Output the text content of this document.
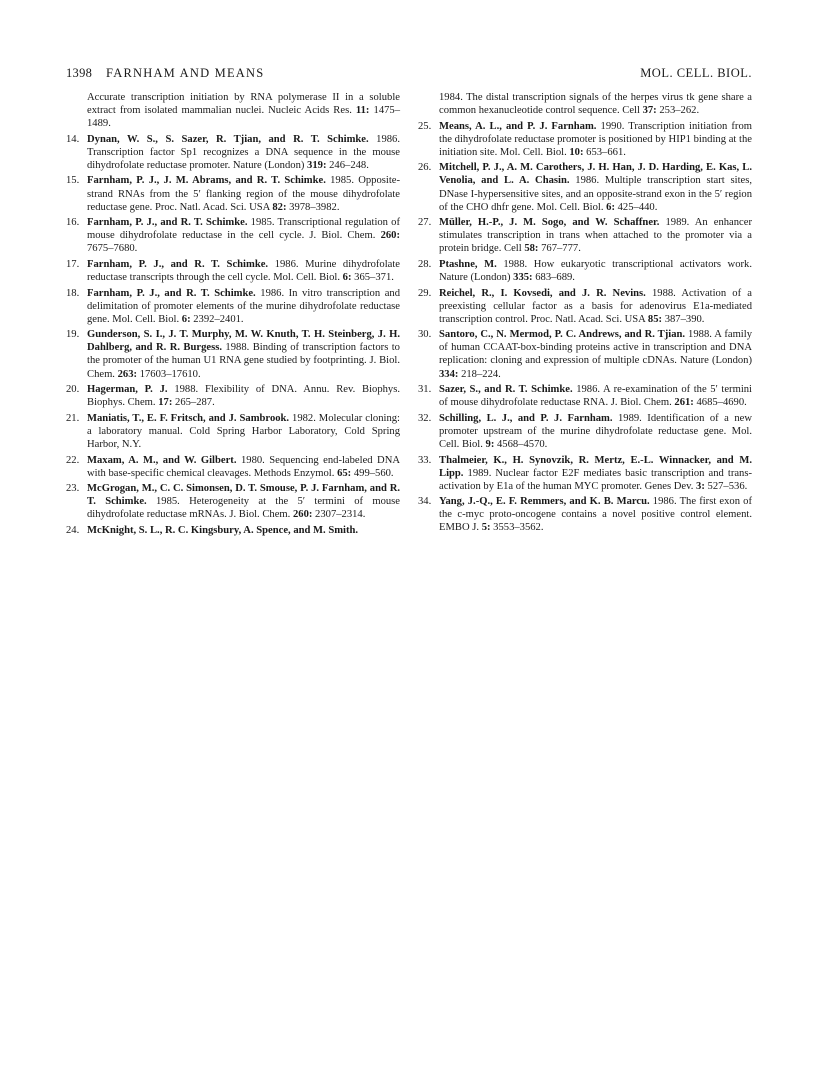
1398 FARNHAM AND MEANS	MOL. CELL. BIOL.

Accurate transcription initiation by RNA polymerase II in a soluble extract from isolated mammalian nuclei. Nucleic Acids Res. 11: 1475–1489.

14. Dynan, W. S., S. Sazer, R. Tjian, and R. T. Schimke. 1986. Transcription factor Sp1 recognizes a DNA sequence in the mouse dihydrofolate reductase promoter. Nature (London) 319: 246–248.

15. Farnham, P. J., J. M. Abrams, and R. T. Schimke. 1985. Opposite-strand RNAs from the 5′ flanking region of the mouse dihydrofolate reductase gene. Proc. Natl. Acad. Sci. USA 82: 3978–3982.

16. Farnham, P. J., and R. T. Schimke. 1985. Transcriptional regulation of mouse dihydrofolate reductase in the cell cycle. J. Biol. Chem. 260: 7675–7680.

17. Farnham, P. J., and R. T. Schimke. 1986. Murine dihydrofolate reductase transcripts through the cell cycle. Mol. Cell. Biol. 6: 365–371.

18. Farnham, P. J., and R. T. Schimke. 1986. In vitro transcription and delimitation of promoter elements of the murine dihydrofolate reductase gene. Mol. Cell. Biol. 6: 2392–2401.

19. Gunderson, S. I., J. T. Murphy, M. W. Knuth, T. H. Steinberg, J. H. Dahlberg, and R. R. Burgess. 1988. Binding of transcription factors to the promoter of the human U1 RNA gene studied by footprinting. J. Biol. Chem. 263: 17603–17610.

20. Hagerman, P. J. 1988. Flexibility of DNA. Annu. Rev. Biophys. Biophys. Chem. 17: 265–287.

21. Maniatis, T., E. F. Fritsch, and J. Sambrook. 1982. Molecular cloning: a laboratory manual. Cold Spring Harbor Laboratory, Cold Spring Harbor, N.Y.

22. Maxam, A. M., and W. Gilbert. 1980. Sequencing end-labeled DNA with base-specific chemical cleavages. Methods Enzymol. 65: 499–560.

23. McGrogan, M., C. C. Simonsen, D. T. Smouse, P. J. Farnham, and R. T. Schimke. 1985. Heterogeneity at the 5′ termini of mouse dihydrofolate reductase mRNAs. J. Biol. Chem. 260: 2307–2314.

24. McKnight, S. L., R. C. Kingsbury, A. Spence, and M. Smith.

1984. The distal transcription signals of the herpes virus tk gene share a common hexanucleotide control sequence. Cell 37: 253–262.

25. Means, A. L., and P. J. Farnham. 1990. Transcription initiation from the dihydrofolate reductase promoter is positioned by HIP1 binding at the initiation site. Mol. Cell. Biol. 10: 653–661.

26. Mitchell, P. J., A. M. Carothers, J. H. Han, J. D. Harding, E. Kas, L. Venolia, and L. A. Chasin. 1986. Multiple transcription start sites, DNase I-hypersensitive sites, and an opposite-strand exon in the 5′ region of the CHO dhfr gene. Mol. Cell. Biol. 6: 425–440.

27. Müller, H.-P., J. M. Sogo, and W. Schaffner. 1989. An enhancer stimulates transcription in trans when attached to the promoter via a protein bridge. Cell 58: 767–777.

28. Ptashne, M. 1988. How eukaryotic transcriptional activators work. Nature (London) 335: 683–689.

29. Reichel, R., I. Kovsedi, and J. R. Nevins. 1988. Activation of a preexisting cellular factor as a basis for adenovirus E1a-mediated transcription control. Proc. Natl. Acad. Sci. USA 85: 387–390.

30. Santoro, C., N. Mermod, P. C. Andrews, and R. Tjian. 1988. A family of human CCAAT-box-binding proteins active in transcription and DNA replication: cloning and expression of multiple cDNAs. Nature (London) 334: 218–224.

31. Sazer, S., and R. T. Schimke. 1986. A re-examination of the 5′ termini of mouse dihydrofolate reductase RNA. J. Biol. Chem. 261: 4685–4690.

32. Schilling, L. J., and P. J. Farnham. 1989. Identification of a new promoter upstream of the murine dihydrofolate reductase gene. Mol. Cell. Biol. 9: 4568–4570.

33. Thalmeier, K., H. Synovzik, R. Mertz, E.-L. Winnacker, and M. Lipp. 1989. Nuclear factor E2F mediates basic transcription and trans-activation by E1a of the human MYC promoter. Genes Dev. 3: 527–536.

34. Yang, J.-Q., E. F. Remmers, and K. B. Marcu. 1986. The first exon of the c-myc proto-oncogene contains a novel positive control element. EMBO J. 5: 3553–3562.
